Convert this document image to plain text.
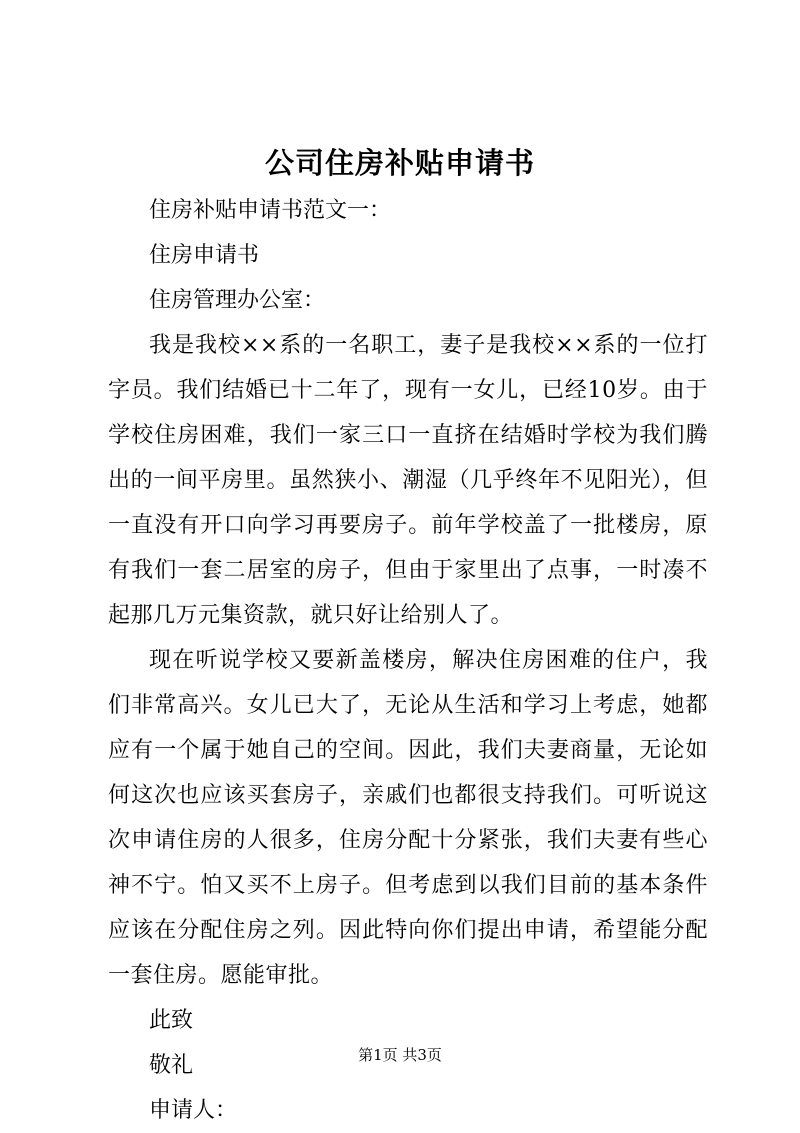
公司住房补贴申请书

住房补贴申请书范文一：

住房申请书

住房管理办公室：

我是我校××系的一名职工，妻子是我校××系的一位打字员。我们结婚已十二年了，现有一女儿，已经10岁。由于学校住房困难，我们一家三口一直挤在结婚时学校为我们腾出的一间平房里。虽然狭小、潮湿（几乎终年不见阳光），但一直没有开口向学习再要房子。前年学校盖了一批楼房，原有我们一套二居室的房子，但由于家里出了点事，一时凑不起那几万元集资款，就只好让给别人了。

现在听说学校又要新盖楼房，解决住房困难的住户，我们非常高兴。女儿已大了，无论从生活和学习上考虑，她都应有一个属于她自己的空间。因此，我们夫妻商量，无论如何这次也应该买套房子，亲戚们也都很支持我们。可听说这次申请住房的人很多，住房分配十分紧张，我们夫妻有些心神不宁。怕又买不上房子。但考虑到以我们目前的基本条件应该在分配住房之列。因此特向你们提出申请，希望能分配一套住房。愿能审批。

此致

敬礼

申请人：

第1页 共3页
